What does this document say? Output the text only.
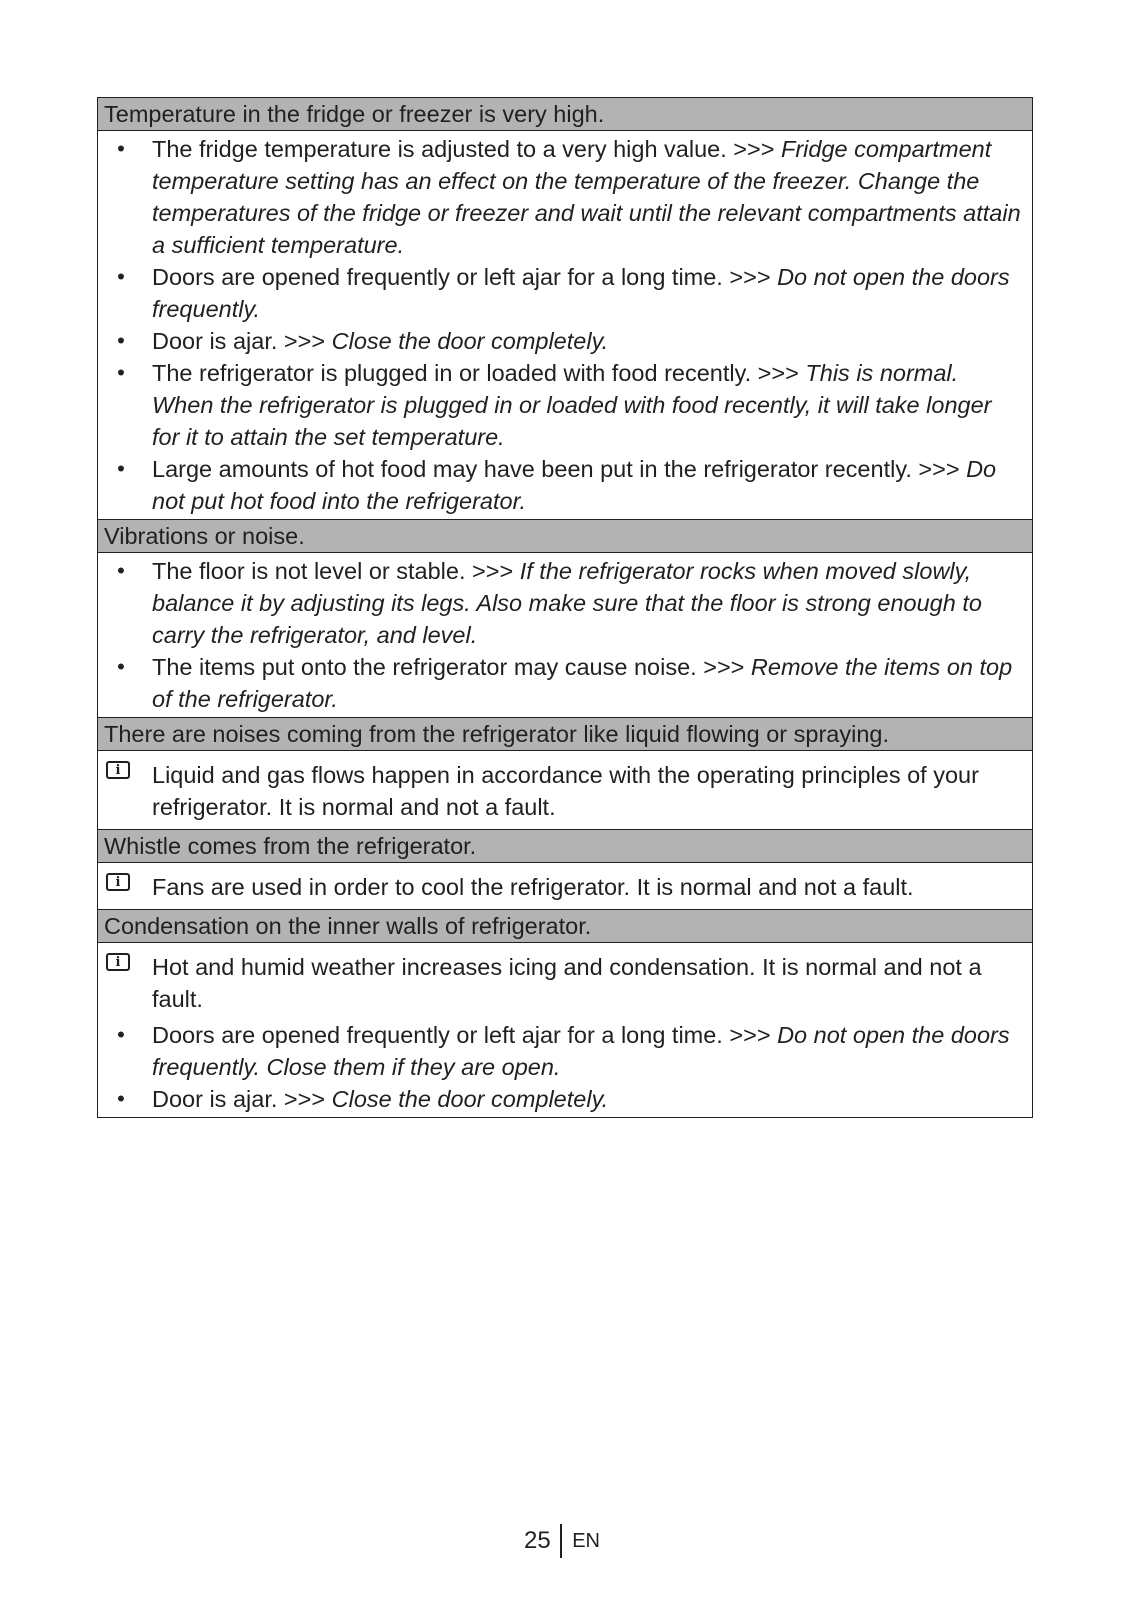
Temperature in the fridge or freezer is very high.
•	The fridge temperature is adjusted to a very high value. >>> Fridge compartment temperature setting has an effect on the temperature of the freezer. Change the temperatures of the fridge or freezer and wait until the relevant compartments attain a sufficient temperature.
•	Doors are opened frequently or left ajar for a long time. >>> Do not open the doors frequently.
•	Door is ajar. >>> Close the door completely.
•	The refrigerator is plugged in or loaded with food recently. >>> This is normal. When the refrigerator is plugged in or loaded with food recently, it will take longer for it to attain the set temperature.
•	Large amounts of hot food may have been put in the refrigerator recently. >>> Do not put hot food into the refrigerator.
Vibrations or noise.
•	The floor is not level or stable. >>> If the refrigerator rocks when moved slowly, balance it by adjusting its legs. Also make sure that the floor is strong enough to carry the refrigerator, and level.
•	The items put onto the refrigerator may cause noise. >>> Remove the items on top of the refrigerator.
There are noises coming from the refrigerator like liquid flowing or spraying.
i	Liquid and gas flows happen in accordance with the operating principles of your refrigerator. It is normal and not a fault.
Whistle comes from the refrigerator.
i	Fans are used in order to cool the refrigerator. It is normal and not a fault.
Condensation on the inner walls of refrigerator.
i	Hot and humid weather increases icing and condensation. It is normal and not a fault.
•	Doors are opened frequently or left ajar for a long time. >>> Do not open the doors frequently. Close them if they are open.
•	Door is ajar. >>> Close the door completely.
25 EN
